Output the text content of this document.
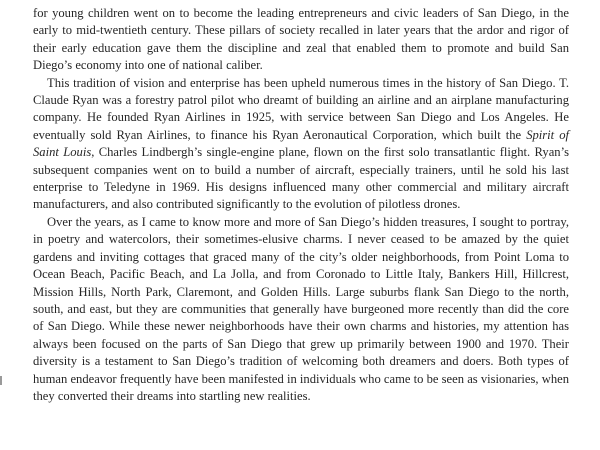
for young children went on to become the leading entrepreneurs and civic leaders of San Diego, in the early to mid-twentieth century. These pillars of society recalled in later years that the ardor and rigor of their early education gave them the discipline and zeal that enabled them to promote and build San Diego’s economy into one of national caliber.

This tradition of vision and enterprise has been upheld numerous times in the history of San Diego. T. Claude Ryan was a forestry patrol pilot who dreamt of building an airline and an airplane manufacturing company. He founded Ryan Airlines in 1925, with service between San Diego and Los Angeles. He eventually sold Ryan Airlines, to finance his Ryan Aeronautical Corporation, which built the Spirit of Saint Louis, Charles Lindbergh’s single-engine plane, flown on the first solo transatlantic flight. Ryan’s subsequent companies went on to build a number of aircraft, especially trainers, until he sold his last enterprise to Teledyne in 1969. His designs influenced many other commercial and military aircraft manufacturers, and also contributed significantly to the evolution of pilotless drones.

Over the years, as I came to know more and more of San Diego’s hidden treasures, I sought to portray, in poetry and watercolors, their sometimes-elusive charms. I never ceased to be amazed by the quiet gardens and inviting cottages that graced many of the city’s older neighborhoods, from Point Loma to Ocean Beach, Pacific Beach, and La Jolla, and from Coronado to Little Italy, Bankers Hill, Hillcrest, Mission Hills, North Park, Claremont, and Golden Hills. Large suburbs flank San Diego to the north, south, and east, but they are communities that generally have burgeoned more recently than did the core of San Diego. While these newer neighborhoods have their own charms and histories, my attention has always been focused on the parts of San Diego that grew up primarily between 1900 and 1970. Their diversity is a testament to San Diego’s tradition of welcoming both dreamers and doers. Both types of human endeavor frequently have been manifested in individuals who came to be seen as visionaries, when they converted their dreams into startling new realities.
